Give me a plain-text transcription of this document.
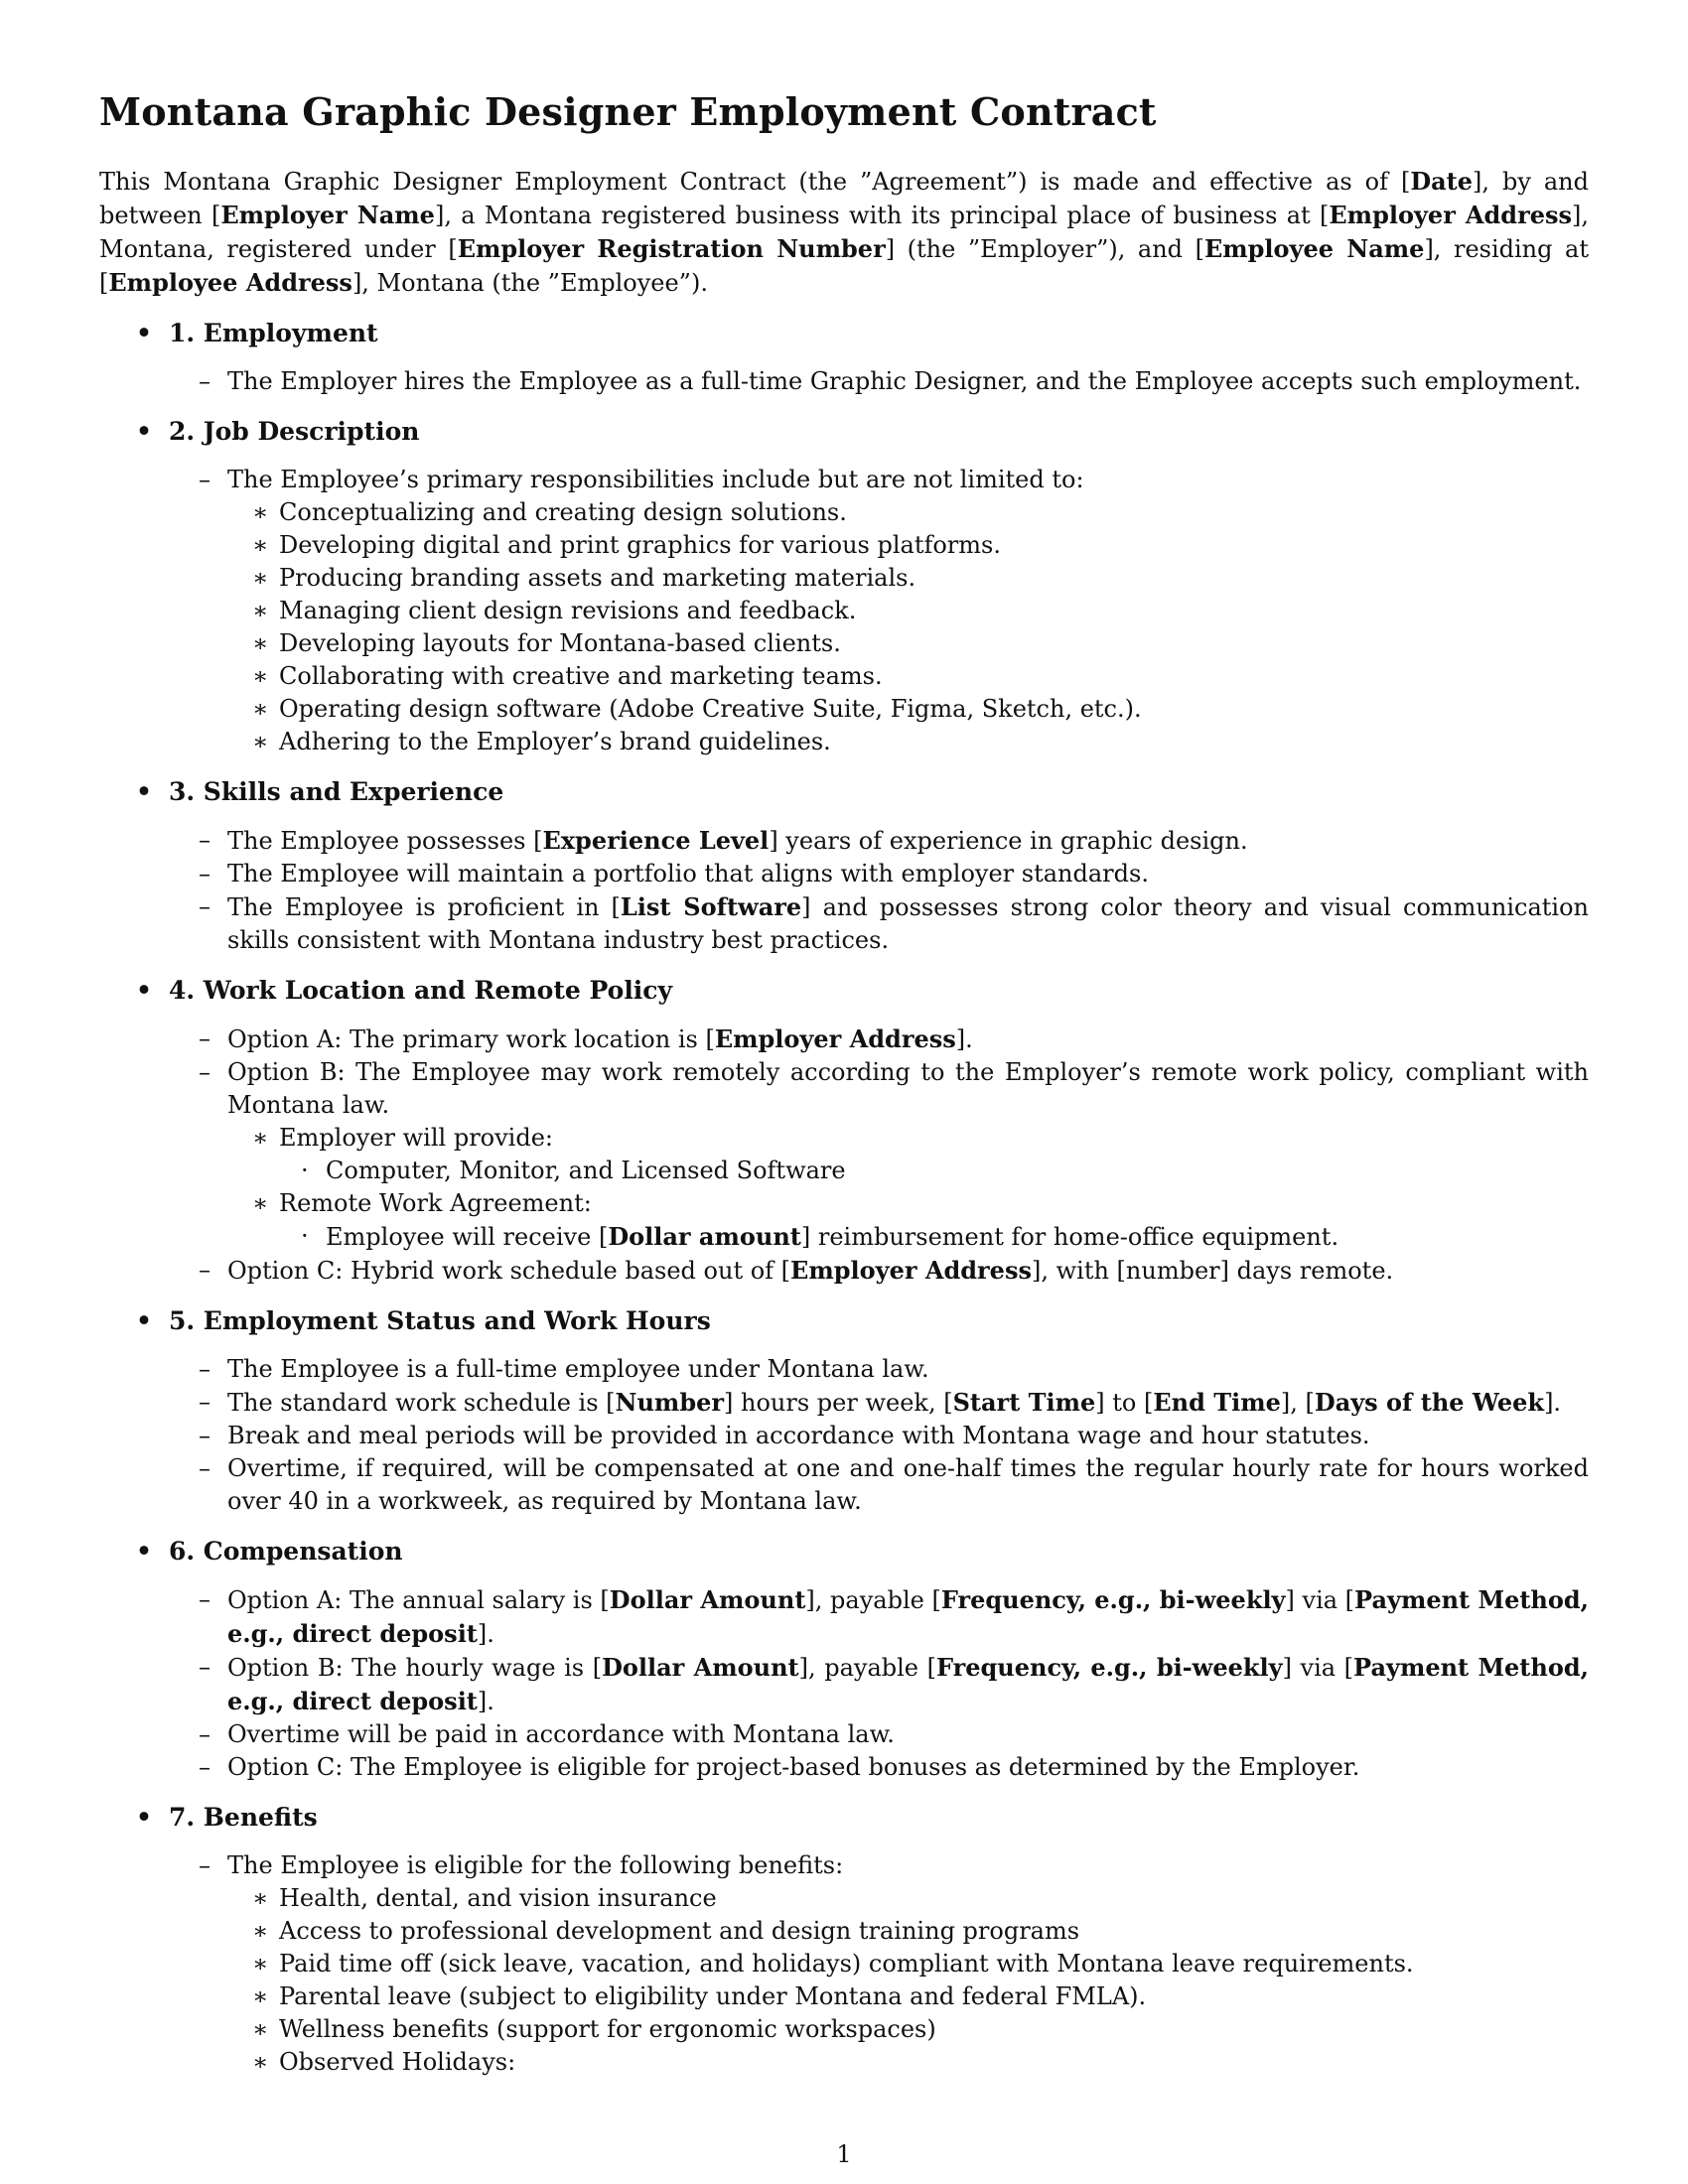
Montana Graphic Designer Employment Contract

This Montana Graphic Designer Employment Contract (the ”Agreement”) is made and effective as of [Date], by and between [Employer Name], a Montana registered business with its principal place of business at [Employer Address], Montana, registered under [Employer Registration Number] (the ”Employer”), and [Employee Name], residing at [Employee Address], Montana (the ”Employee”).

• 1. Employment
– The Employer hires the Employee as a full-time Graphic Designer, and the Employee accepts such employment.
• 2. Job Description
– The Employee’s primary responsibilities include but are not limited to:
∗ Conceptualizing and creating design solutions.
∗ Developing digital and print graphics for various platforms.
∗ Producing branding assets and marketing materials.
∗ Managing client design revisions and feedback.
∗ Developing layouts for Montana-based clients.
∗ Collaborating with creative and marketing teams.
∗ Operating design software (Adobe Creative Suite, Figma, Sketch, etc.).
∗ Adhering to the Employer’s brand guidelines.
• 3. Skills and Experience
– The Employee possesses [Experience Level] years of experience in graphic design.
– The Employee will maintain a portfolio that aligns with employer standards.
– The Employee is proficient in [List Software] and possesses strong color theory and visual communication skills consistent with Montana industry best practices.
• 4. Work Location and Remote Policy
– Option A: The primary work location is [Employer Address].
– Option B: The Employee may work remotely according to the Employer’s remote work policy, compliant with Montana law.
∗ Employer will provide:
· Computer, Monitor, and Licensed Software
∗ Remote Work Agreement:
· Employee will receive [Dollar amount] reimbursement for home-office equipment.
– Option C: Hybrid work schedule based out of [Employer Address], with [number] days remote.
• 5. Employment Status and Work Hours
– The Employee is a full-time employee under Montana law.
– The standard work schedule is [Number] hours per week, [Start Time] to [End Time], [Days of the Week].
– Break and meal periods will be provided in accordance with Montana wage and hour statutes.
– Overtime, if required, will be compensated at one and one-half times the regular hourly rate for hours worked over 40 in a workweek, as required by Montana law.
• 6. Compensation
– Option A: The annual salary is [Dollar Amount], payable [Frequency, e.g., bi-weekly] via [Payment Method, e.g., direct deposit].
– Option B: The hourly wage is [Dollar Amount], payable [Frequency, e.g., bi-weekly] via [Payment Method, e.g., direct deposit].
– Overtime will be paid in accordance with Montana law.
– Option C: The Employee is eligible for project-based bonuses as determined by the Employer.
• 7. Benefits
– The Employee is eligible for the following benefits:
∗ Health, dental, and vision insurance
∗ Access to professional development and design training programs
∗ Paid time off (sick leave, vacation, and holidays) compliant with Montana leave requirements.
∗ Parental leave (subject to eligibility under Montana and federal FMLA).
∗ Wellness benefits (support for ergonomic workspaces)
∗ Observed Holidays:
1
